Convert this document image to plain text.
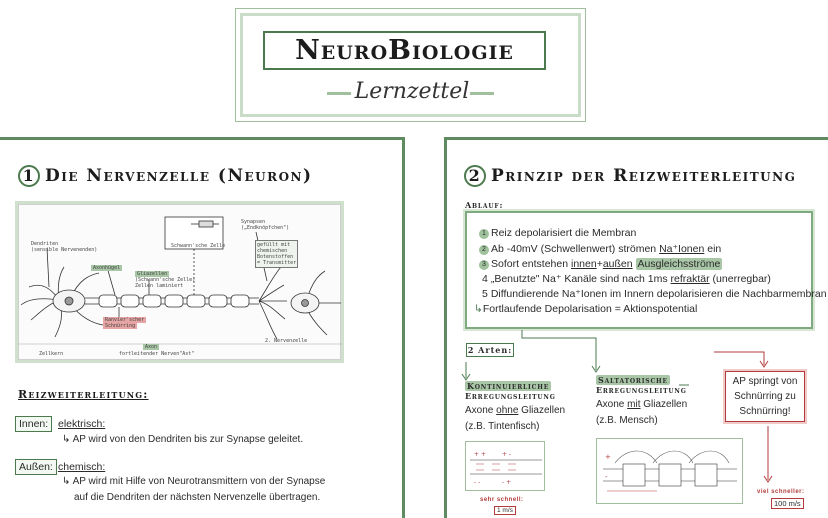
NeuroBiologie
Lernzettel
1 Die Nervenzelle (Neuron)
Dendriten
(sensible Nervenenden)
Axonhügel
Gliazellen
(Schwann'sche Zelle)
Zellen laminiert
Schwann'sche Zelle
Ranvier'scher
Schnürring
Synapsen
(„Endknöpfchen")
gefüllt mit
chemischen
Botenstoffen
= Transmitter
Zellkern
Axon
fortleitender Nerven"Ast"
2. Nervenzelle
Reizweiterleitung:
Innen: elektrisch:
↳ AP wird von den Dendriten bis zur Synapse geleitet.
Außen: chemisch:
↳ AP wird mit Hilfe von Neurotransmittern von der Synapse
auf die Dendriten der nächsten Nervenzelle übertragen.
2 Prinzip der Reizweiterleitung
Ablauf:
1 Reiz depolarisiert die Membran
2 Ab -40mV (Schwellenwert) strömen Na⁺Ionen ein
3 Sofort entstehen innen+außen Ausgleichsströme
4 „Benutzte" Na⁺ Kanäle sind nach 1ms refraktär (unerregbar)
5 Diffundierende Na⁺Ionen im Innern depolarisieren die Nachbarmembran
↳Fortlaufende Depolarisation = Aktionspotential
2 Arten:
Kontinuierliche
Erregungsleitung
Axone ohne Gliazellen
(z.B. Tintenfisch)
Saltatorische
Erregungsleitung
Axone mit Gliazellen
(z.B. Mensch)
AP springt von Schnürring zu Schnürring!
+ +	+ -
- -	- +
sehr schnell:
1 m/s
+
-
viel schneller:
100 m/s
